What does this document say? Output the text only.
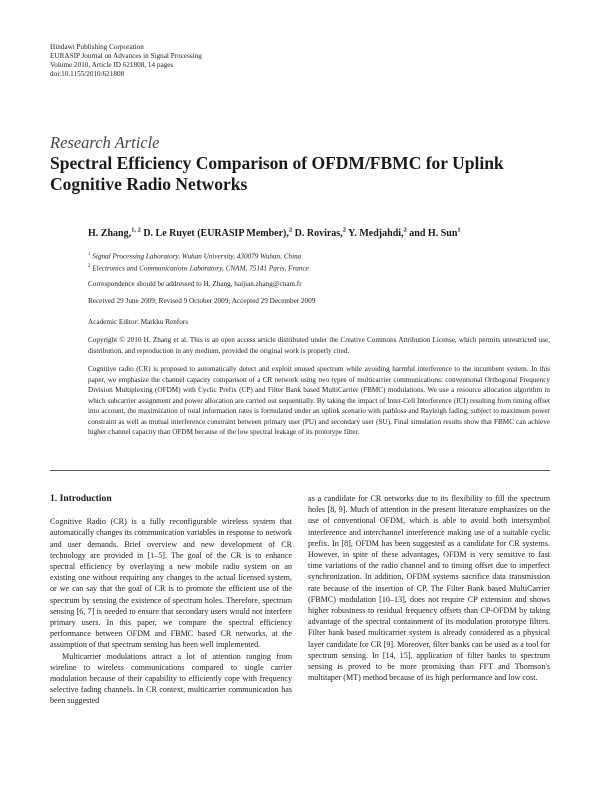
Hindawi Publishing Corporation
EURASIP Journal on Advances in Signal Processing
Volume 2010, Article ID 621808, 14 pages
doi:10.1155/2010/621808
Research Article
Spectral Efficiency Comparison of OFDM/FBMC for Uplink Cognitive Radio Networks
H. Zhang,$^{1, 2}$ D. Le Ruyet (EURASIP Member),$^2$ D. Roviras,$^2$ Y. Medjahdi,$^2$ and H. Sun$^1$
$^1$ Signal Processing Laboratory, Wuhan University, 430079 Wuhan, China
$^2$ Electronics and Communications Laboratory, CNAM, 75141 Paris, France
Correspondence should be addressed to H. Zhang, haijian.zhang@cnam.fr
Received 29 June 2009; Revised 9 October 2009; Accepted 29 December 2009
Academic Editor: Markku Renfors
Copyright © 2010 H. Zhang et al. This is an open access article distributed under the Creative Commons Attribution License, which permits unrestricted use, distribution, and reproduction in any medium, provided the original work is properly cited.
Cognitive radio (CR) is proposed to automatically detect and exploit unused spectrum while avoiding harmful interference to the incumbent system. In this paper, we emphasize the channel capacity comparison of a CR network using two types of multicarrier communications: conventional Orthogonal Frequency Division Multiplexing (OFDM) with Cyclic Prefix (CP) and Filter Bank based MultiCarrier (FBMC) modulations. We use a resource allocation algorithm in which subcarrier assignment and power allocation are carried out sequentially. By taking the impact of Inter-Cell Interference (ICI) resulting from timing offset into account, the maximization of total information rates is formulated under an uplink scenario with pathloss and Rayleigh fading, subject to maximum power constraint as well as mutual interference constraint between primary user (PU) and secondary user (SU). Final simulation results show that FBMC can achieve higher channel capacity than OFDM because of the low spectral leakage of its prototype filter.
1. Introduction

Cognitive Radio (CR) is a fully reconfigurable wireless system that automatically changes its communication variables in response to network and user demands. Brief overview and new development of CR technology are provided in [1–5]. The goal of the CR is to enhance spectral efficiency by overlaying a new mobile radio system on an existing one without requiring any changes to the actual licensed system, or we can say that the goal of CR is to promote the efficient use of the spectrum by sensing the existence of spectrum holes. Therefore, spectrum sensing [6, 7] is needed to ensure that secondary users would not interfere primary users. In this paper, we compare the spectral efficiency performance between OFDM and FBMC based CR networks, at the assumption of that spectrum sensing has been well implemented.

Multicarrier modulations attract a lot of attention ranging from wireline to wireless communications compared to single carrier modulation because of their capability to efficiently cope with frequency selective fading channels. In CR context, multicarrier communication has been suggested

as a candidate for CR networks due to its flexibility to fill the spectrum holes [8, 9]. Much of attention in the present literature emphasizes on the use of conventional OFDM, which is able to avoid both intersymbol interference and interchannel interference making use of a suitable cyclic prefix. In [8], OFDM has been suggested as a candidate for CR systems. However, in spite of these advantages, OFDM is very sensitive to fast time variations of the radio channel and to timing offset due to imperfect synchronization. In addition, OFDM systems sacrifice data transmission rate because of the insertion of CP. The Filter Bank based MultiCarrier (FBMC) modulation [10–13], does not require CP extension and shows higher robustness to residual frequency offsets than CP-OFDM by taking advantage of the spectral containment of its modulation prototype filters. Filter bank based multicarrier system is already considered as a physical layer candidate for CR [9]. Moreover, filter banks can be used as a tool for spectrum sensing. In [14, 15], application of filter banks to spectrum sensing is proved to be more promising than FFT and Thomson's multitaper (MT) method because of its high performance and low cost.
